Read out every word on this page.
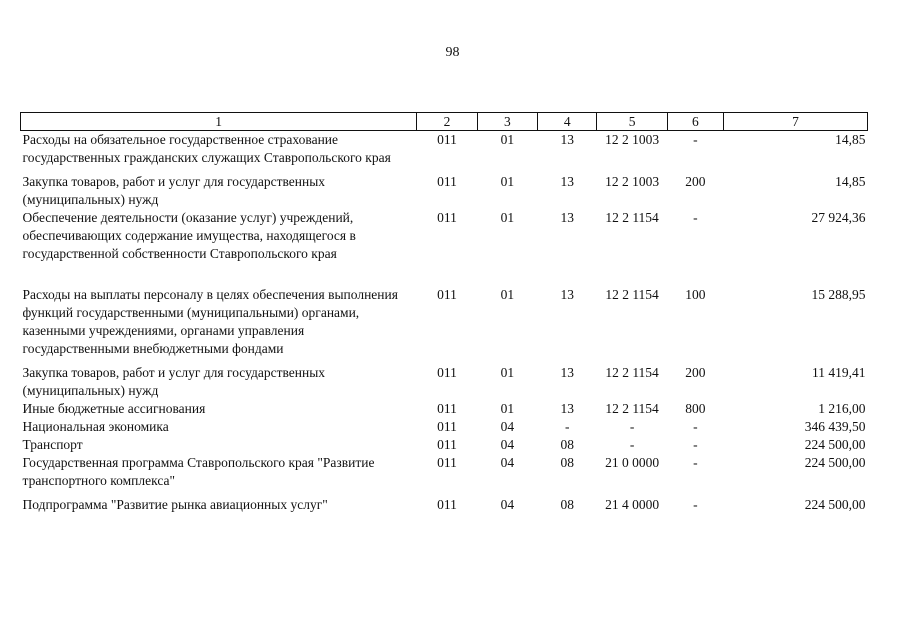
98
1	2	3	4	5	6	7
Расходы на обязательное государственное страхование государственных гражданских служащих Ставропольского края	011	01	13	12 2 1003	-	14,85
Закупка товаров, работ и услуг для государственных (муниципальных) нужд	011	01	13	12 2 1003	200	14,85
Обеспечение деятельности (оказание услуг) учреждений, обеспечивающих содержание имущества, находящегося в государственной собственности Ставропольского края	011	01	13	12 2 1154	-	27 924,36
Расходы на выплаты персоналу в целях обеспечения выполнения функций государственными (муниципальными) органами, казенными учреждениями, органами управления государственными внебюджетными фондами	011	01	13	12 2 1154	100	15 288,95
Закупка товаров, работ и услуг для государственных (муниципальных) нужд	011	01	13	12 2 1154	200	11 419,41
Иные бюджетные ассигнования	011	01	13	12 2 1154	800	1 216,00
Национальная экономика	011	04	-	-	-	346 439,50
Транспорт	011	04	08	-	-	224 500,00
Государственная программа Ставропольского края "Развитие транспортного комплекса"	011	04	08	21 0 0000	-	224 500,00
Подпрограмма "Развитие рынка авиационных услуг"	011	04	08	21 4 0000	-	224 500,00
